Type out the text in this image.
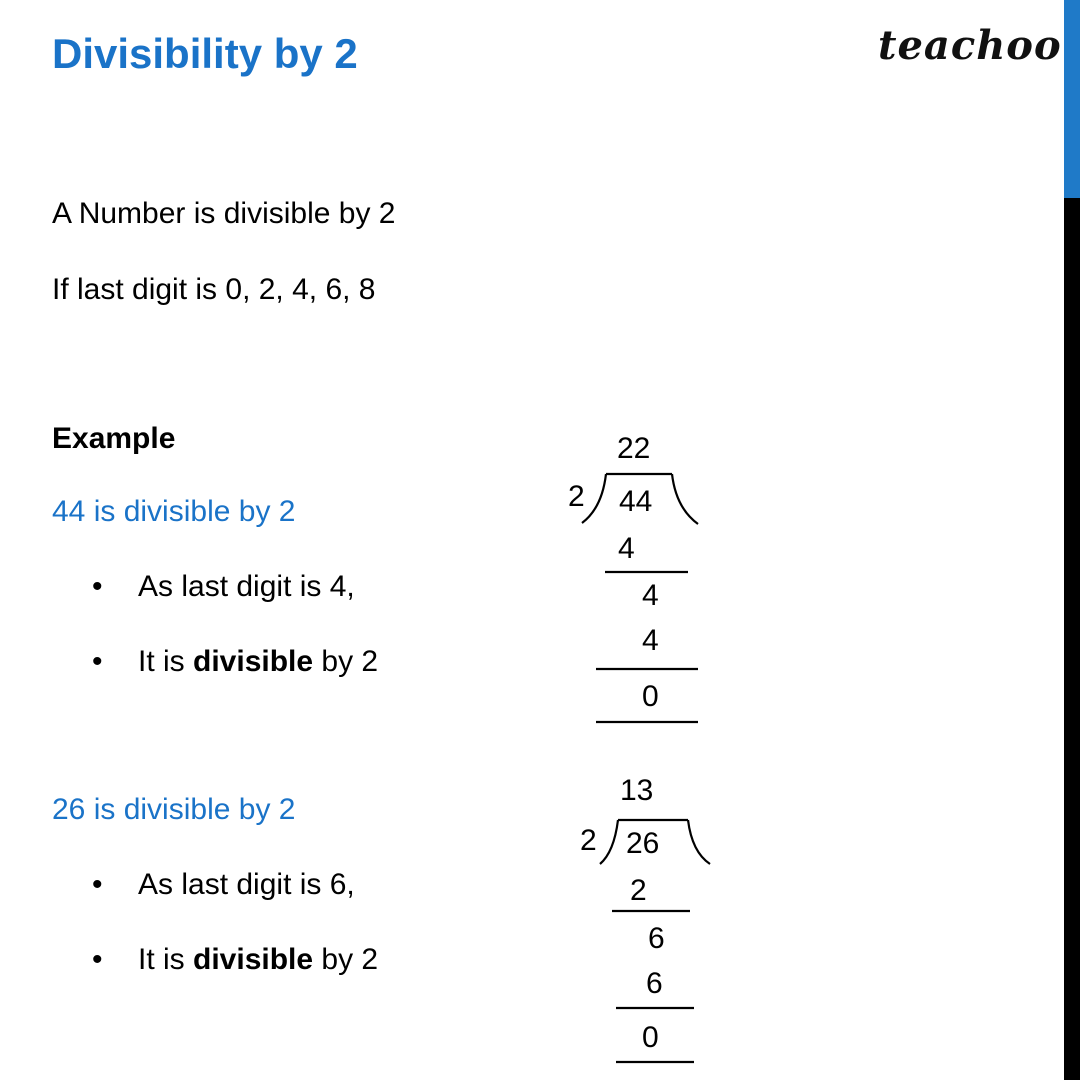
Divisibility by 2	teachoo
A Number is divisible by 2
If last digit is 0, 2, 4, 6, 8
Example
44 is divisible by 2
• As last digit is 4,
• It is divisible by 2
22
2 44
4
4
4
0
26 is divisible by 2
• As last digit is 6,
• It is divisible by 2
13
2 26
2
6
6
0
